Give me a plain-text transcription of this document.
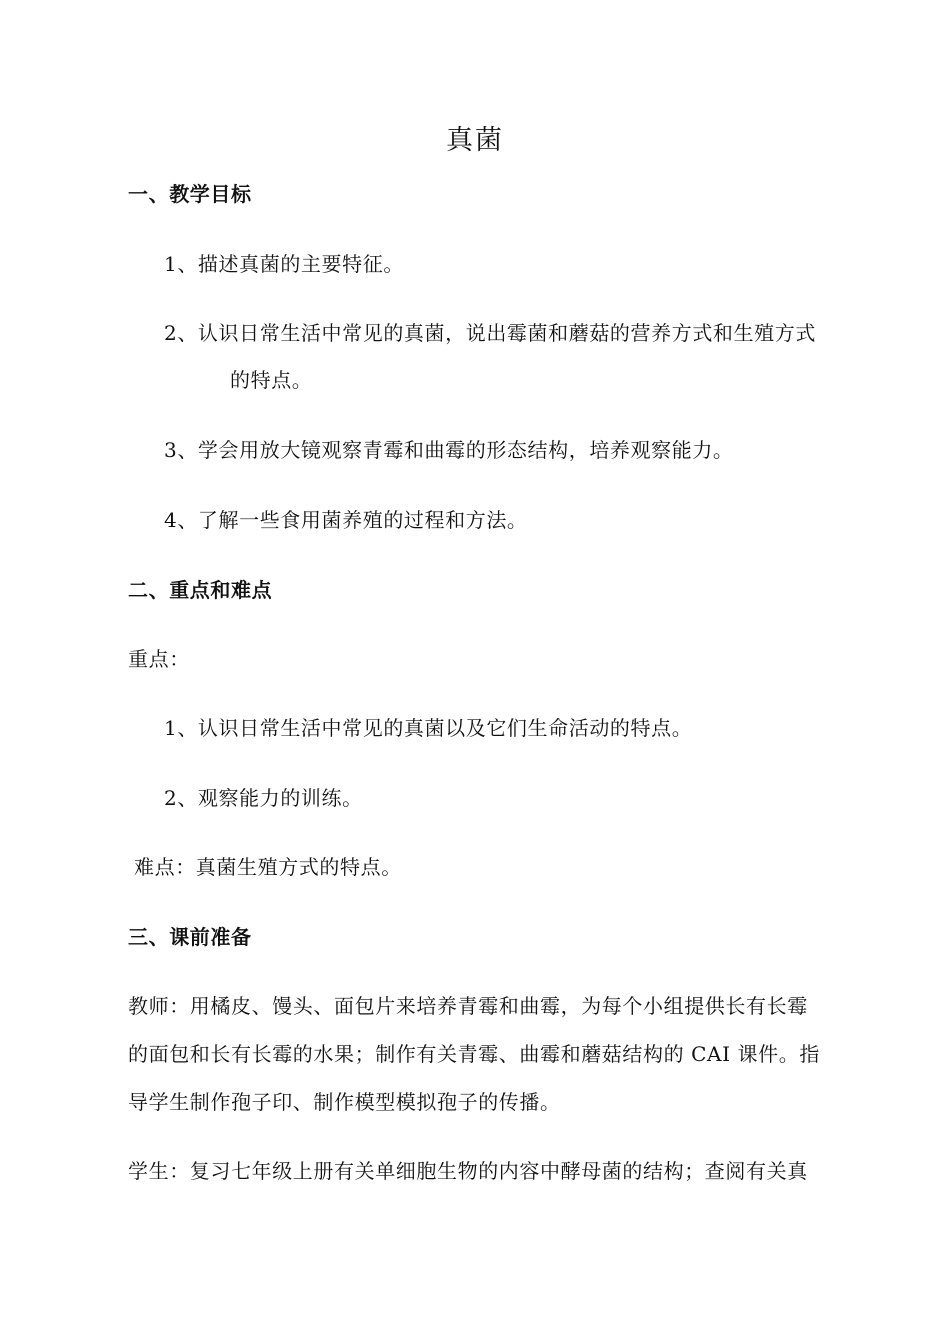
真菌
一、教学目标
1、描述真菌的主要特征。
2、认识日常生活中常见的真菌，说出霉菌和蘑菇的营养方式和生殖方式
的特点。
3、学会用放大镜观察青霉和曲霉的形态结构，培养观察能力。
4、了解一些食用菌养殖的过程和方法。
二、重点和难点
重点：
1、认识日常生活中常见的真菌以及它们生命活动的特点。
2、观察能力的训练。
难点：真菌生殖方式的特点。
三、课前准备
教师：用橘皮、馒头、面包片来培养青霉和曲霉，为每个小组提供长有长霉
的面包和长有长霉的水果；制作有关青霉、曲霉和蘑菇结构的 CAI 课件。指
导学生制作孢子印、制作模型模拟孢子的传播。
学生：复习七年级上册有关单细胞生物的内容中酵母菌的结构；查阅有关真
